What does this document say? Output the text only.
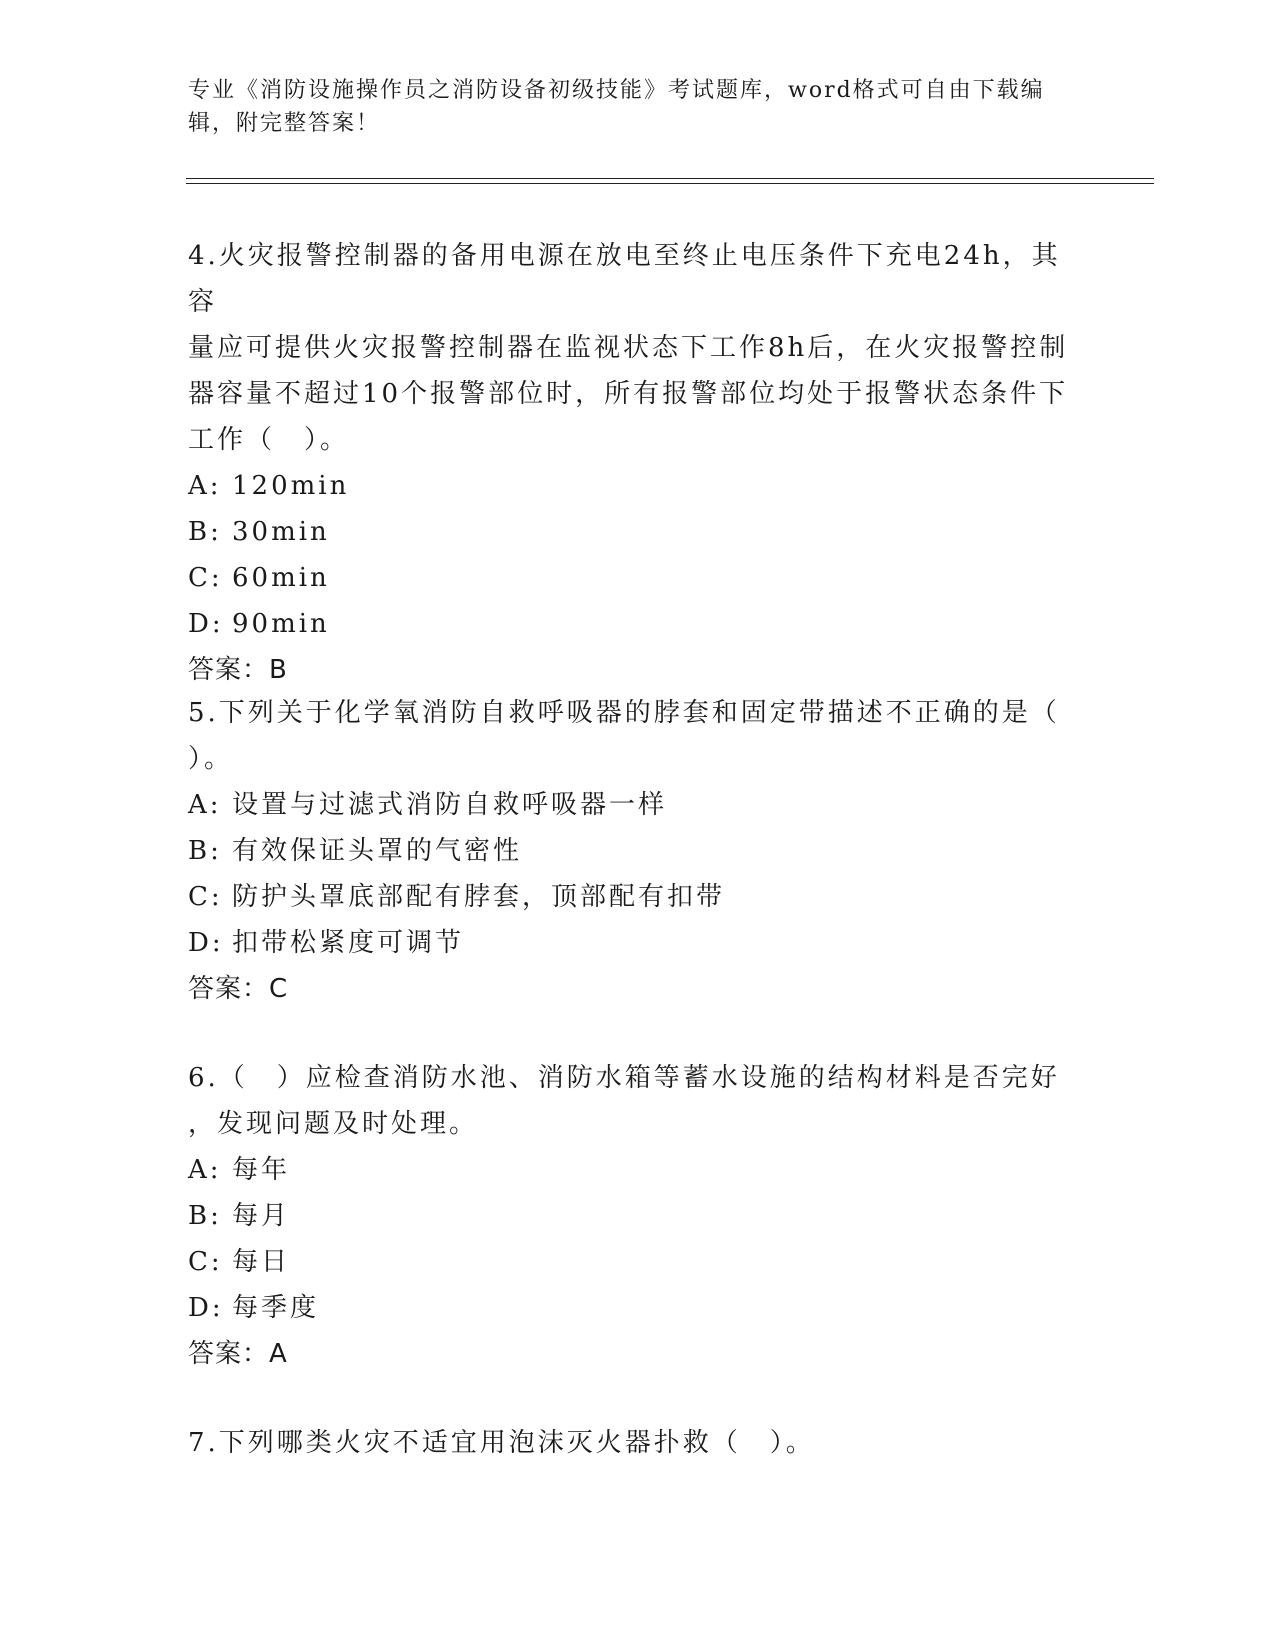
专业《消防设施操作员之消防设备初级技能》考试题库，word格式可自由下载编
辑，附完整答案！

4.火灾报警控制器的备用电源在放电至终止电压条件下充电24h，其容

量应可提供火灾报警控制器在监视状态下工作8h后，在火灾报警控制

器容量不超过10个报警部位时，所有报警部位均处于报警状态条件下

工作（　）。

A: 120min

B: 30min

C: 60min

D: 90min

答案：B

5.下列关于化学氧消防自救呼吸器的脖套和固定带描述不正确的是（

）。

A: 设置与过滤式消防自救呼吸器一样

B: 有效保证头罩的气密性

C: 防护头罩底部配有脖套，顶部配有扣带

D: 扣带松紧度可调节

答案：C

6.（　）应检查消防水池、消防水箱等蓄水设施的结构材料是否完好

，发现问题及时处理。

A: 每年

B: 每月

C: 每日

D: 每季度

答案：A

7.下列哪类火灾不适宜用泡沫灭火器扑救（　）。
